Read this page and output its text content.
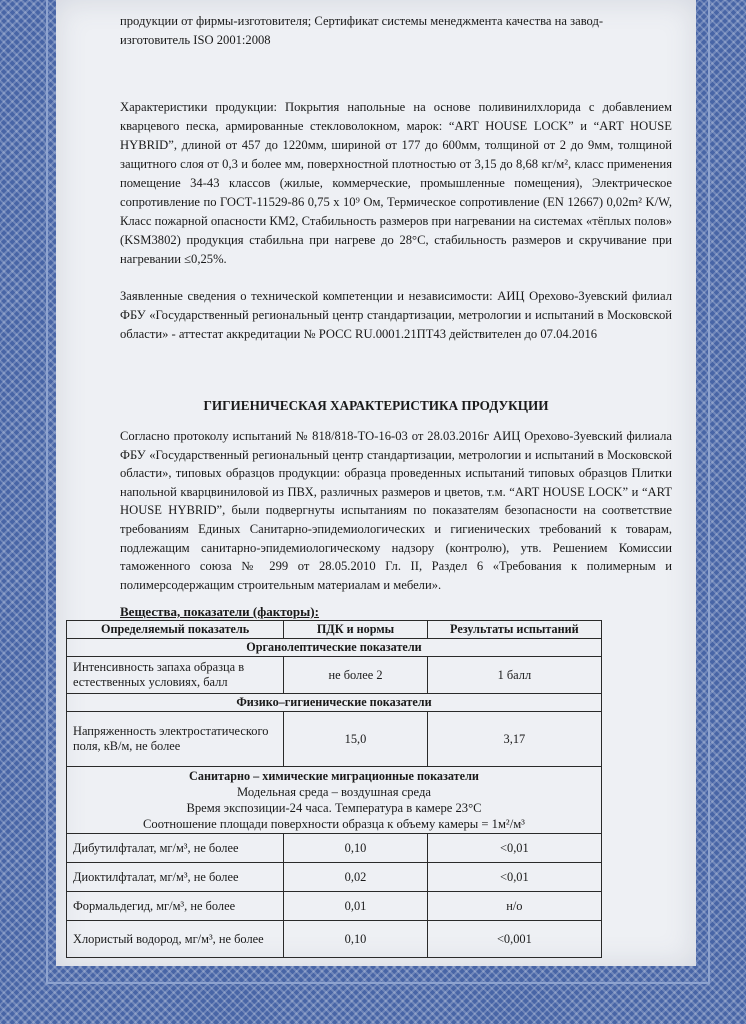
продукции от фирмы-изготовителя; Сертификат системы менеджмента качества на завод-
изготовитель ISO 2001:2008
Характеристики продукции: Покрытия напольные на основе поливинилхлорида с добавлением кварцевого песка, армированные стекловолокном, марок: “ART HOUSE LOCK” и “ART HOUSE HYBRID”, длиной от 457 до 1220мм, шириной от 177 до 600мм, толщиной от 2 до 9мм, толщиной защитного слоя от 0,3 и более мм, поверхностной плотностью от 3,15 до 8,68 кг/м², класс применения помещение 34-43 классов (жилые, коммерческие, промышленные помещения), Электрическое сопротивление по ГОСТ-11529-86 0,75 х 10⁹ Ом, Термическое сопротивление (EN 12667) 0,02m² K/W, Класс пожарной опасности КМ2, Стабильность размеров при нагревании на системах «тёплых полов» (KSM3802) продукция стабильна при нагреве до 28°С, стабильность размеров и скручивание при нагревании ≤0,25%.
Заявленные сведения о технической компетенции и независимости: АИЦ Орехово-Зуевский филиал ФБУ «Государственный региональный центр стандартизации, метрологии и испытаний в Московской области» - аттестат аккредитации № РОСС RU.0001.21ПТ43 действителен до 07.04.2016
ГИГИЕНИЧЕСКАЯ ХАРАКТЕРИСТИКА ПРОДУКЦИИ
Согласно протоколу испытаний № 818/818-ТО-16-03 от 28.03.2016г АИЦ Орехово-Зуевский филиала ФБУ «Государственный региональный центр стандартизации, метрологии и испытаний в Московской области», типовых образцов продукции: образца проведенных испытаний типовых образцов Плитки напольной кварцвиниловой из ПВХ, различных размеров и цветов, т.м. “ART HOUSE LOCK” и “ART HOUSE HYBRID”, были подвергнуты испытаниям по показателям безопасности на соответствие требованиям Единых Санитарно-эпидемиологических и гигиенических требований к товарам, подлежащим санитарно-эпидемиологическому надзору (контролю), утв. Решением Комиссии таможенного союза № 299 от 28.05.2010 Гл. II, Раздел 6 «Требования к полимерным и полимерсодержащим строительным материалам и мебели».
Вещества, показатели (факторы):
Определяемый показатель	ПДК и нормы	Результаты испытаний
Органолептические показатели		
Интенсивность запаха образца в естественных условиях, балл	не более 2	1 балл
Физико–гигиенические показатели		
Напряженность электростатического поля, кВ/м, не более	15,0	3,17

Санитарно – химические миграционные показатели
Модельная среда – воздушная среда
Время экспозиции-24 часа. Температура в камере 23°С
Соотношение площади поверхности образца к объему камеры = 1м²/м³		

Дибутилфталат, мг/м³, не более	0,10	<0,01
Диоктилфталат, мг/м³, не более	0,02	<0,01
Формальдегид, мг/м³, не более	0,01	н/о
Хлористый водород, мг/м³, не более	0,10	<0,001
